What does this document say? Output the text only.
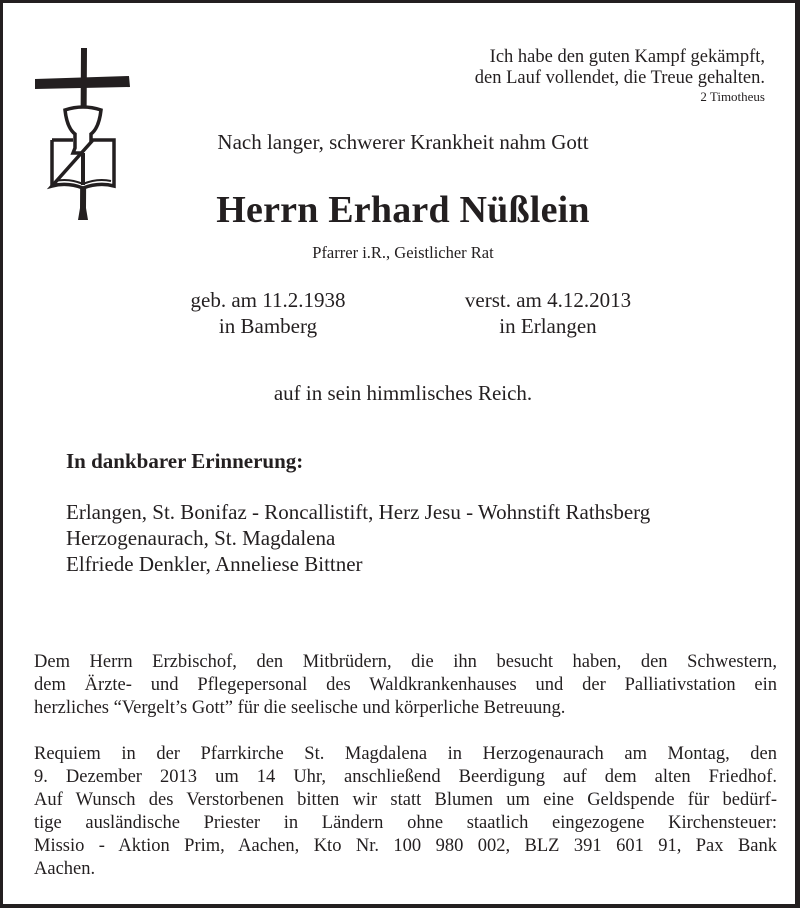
Ich habe den guten Kampf gekämpft,
den Lauf vollendet, die Treue gehalten.
2 Timotheus
Nach langer, schwerer Krankheit nahm Gott
Herrn Erhard Nüßlein
Pfarrer i.R., Geistlicher Rat
geb. am 11.2.1938
in Bamberg
verst. am 4.12.2013
in Erlangen
auf in sein himmlisches Reich.
In dankbarer Erinnerung:
Erlangen, St. Bonifaz - Roncallistift, Herz Jesu - Wohnstift Rathsberg
Herzogenaurach, St. Magdalena
Elfriede Denkler, Anneliese Bittner
Dem Herrn Erzbischof, den Mitbrüdern, die ihn besucht haben, den Schwestern,
dem Ärzte- und Pflegepersonal des Waldkrankenhauses und der Palliativstation ein
herzliches “Vergelt’s Gott” für die seelische und körperliche Betreuung.
Requiem in der Pfarrkirche St. Magdalena in Herzogenaurach am Montag, den
9. Dezember 2013 um 14 Uhr, anschließend Beerdigung auf dem alten Friedhof.
Auf Wunsch des Verstorbenen bitten wir statt Blumen um eine Geldspende für bedürf-
tige ausländische Priester in Ländern ohne staatlich eingezogene Kirchensteuer:
Missio - Aktion Prim, Aachen, Kto Nr. 100 980 002, BLZ 391 601 91, Pax Bank
Aachen.
